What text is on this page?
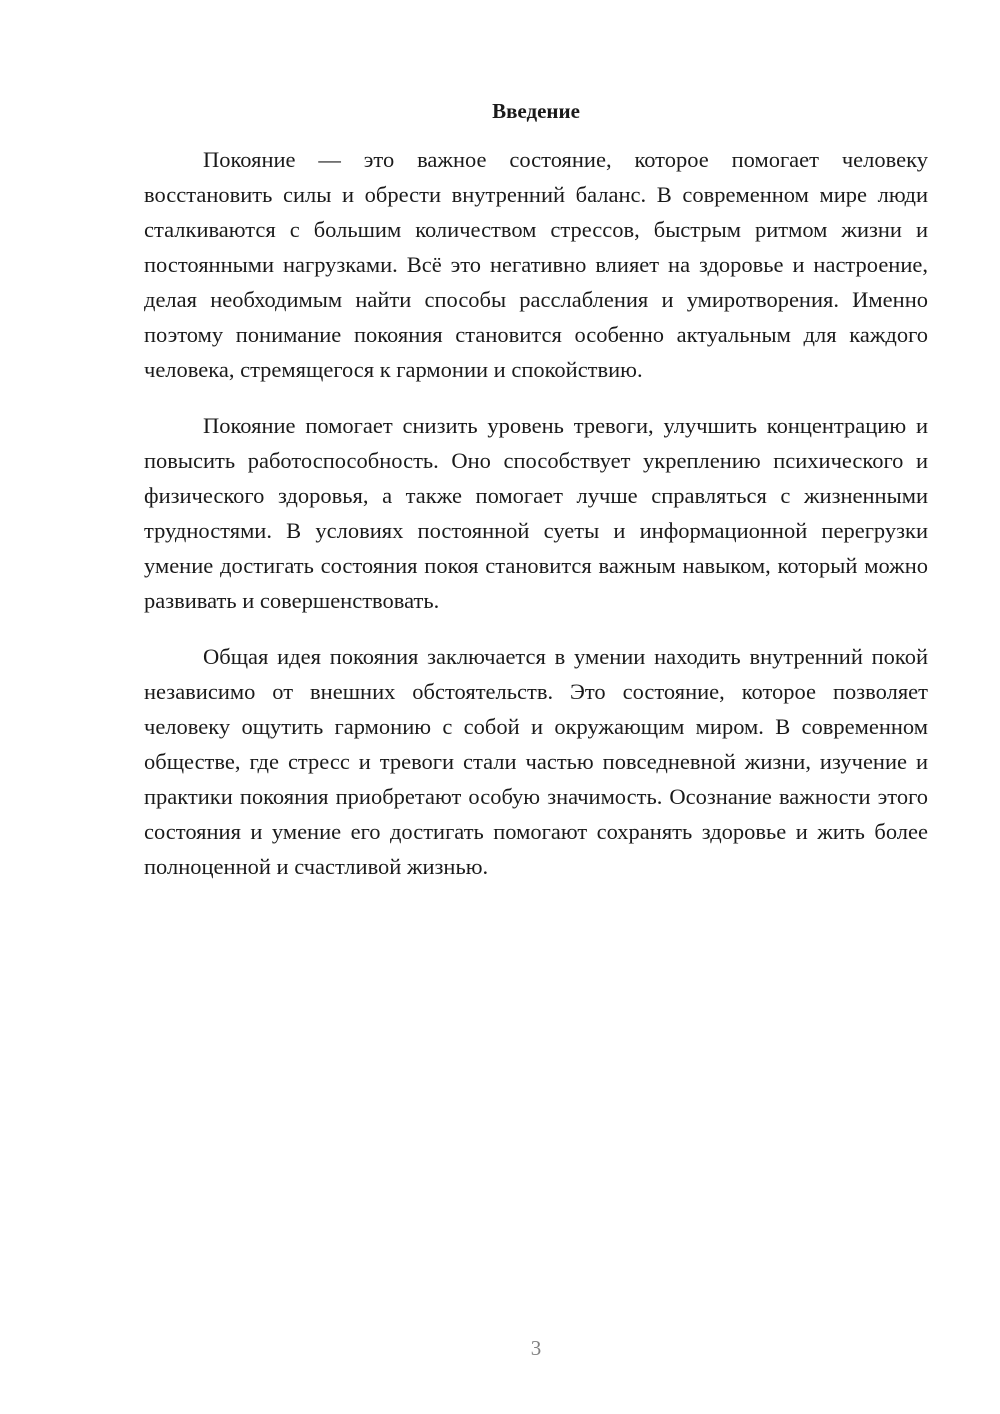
Введение

Покояние — это важное состояние, которое помогает человеку восстановить силы и обрести внутренний баланс. В современном мире люди сталкиваются с большим количеством стрессов, быстрым ритмом жизни и постоянными нагрузками. Всё это негативно влияет на здоровье и настроение, делая необходимым найти способы расслабления и умиротворения. Именно поэтому понимание покояния становится особенно актуальным для каждого человека, стремящегося к гармонии и спокойствию.

Покояние помогает снизить уровень тревоги, улучшить концентрацию и повысить работоспособность. Оно способствует укреплению психического и физического здоровья, а также помогает лучше справляться с жизненными трудностями. В условиях постоянной суеты и информационной перегрузки умение достигать состояния покоя становится важным навыком, который можно развивать и совершенствовать.

Общая идея покояния заключается в умении находить внутренний покой независимо от внешних обстоятельств. Это состояние, которое позволяет человеку ощутить гармонию с собой и окружающим миром. В современном обществе, где стресс и тревоги стали частью повседневной жизни, изучение и практики покояния приобретают особую значимость. Осознание важности этого состояния и умение его достигать помогают сохранять здоровье и жить более полноценной и счастливой жизнью.

3
